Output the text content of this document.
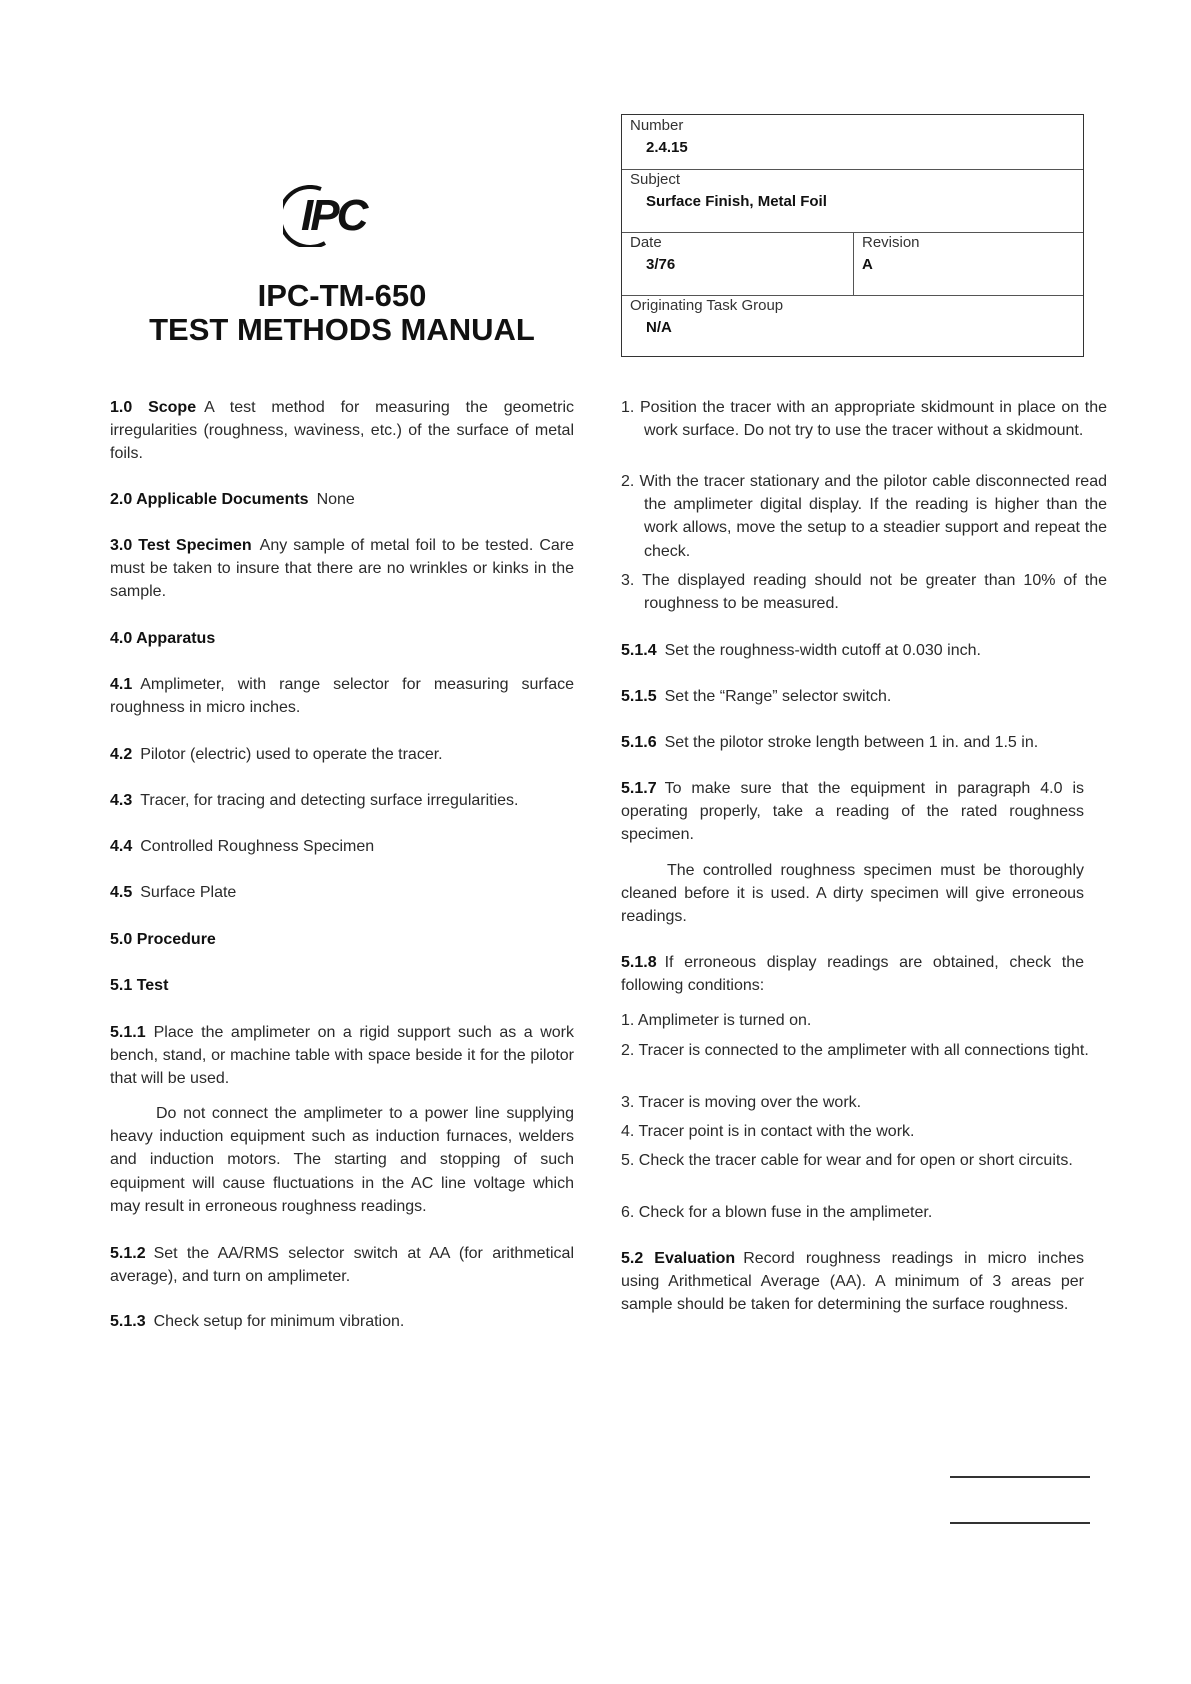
IPC
IPC-TM-650
TEST METHODS MANUAL
Number
2.4.15
Subject
Surface Finish, Metal Foil
Date
3/76
Revision
A
Originating Task Group
N/A
1.0 Scope A test method for measuring the geometric irregularities (roughness, waviness, etc.) of the surface of metal foils.
2.0 Applicable Documents None
3.0 Test Specimen Any sample of metal foil to be tested. Care must be taken to insure that there are no wrinkles or kinks in the sample.
4.0 Apparatus
4.1 Amplimeter, with range selector for measuring surface roughness in micro inches.
4.2 Pilotor (electric) used to operate the tracer.
4.3 Tracer, for tracing and detecting surface irregularities.
4.4 Controlled Roughness Specimen
4.5 Surface Plate
5.0 Procedure
5.1 Test
5.1.1 Place the amplimeter on a rigid support such as a work bench, stand, or machine table with space beside it for the pilotor that will be used.
Do not connect the amplimeter to a power line supplying heavy induction equipment such as induction furnaces, welders and induction motors. The starting and stopping of such equipment will cause fluctuations in the AC line voltage which may result in erroneous roughness readings.
5.1.2 Set the AA/RMS selector switch at AA (for arithmetical average), and turn on amplimeter.
5.1.3 Check setup for minimum vibration.
1. Position the tracer with an appropriate skidmount in place on the work surface. Do not try to use the tracer without a skidmount.
2. With the tracer stationary and the pilotor cable disconnected read the amplimeter digital display. If the reading is higher than the work allows, move the setup to a steadier support and repeat the check.
3. The displayed reading should not be greater than 10% of the roughness to be measured.
5.1.4 Set the roughness-width cutoff at 0.030 inch.
5.1.5 Set the “Range” selector switch.
5.1.6 Set the pilotor stroke length between 1 in. and 1.5 in.
5.1.7 To make sure that the equipment in paragraph 4.0 is operating properly, take a reading of the rated roughness specimen.
The controlled roughness specimen must be thoroughly cleaned before it is used. A dirty specimen will give erroneous readings.
5.1.8 If erroneous display readings are obtained, check the following conditions:
1. Amplimeter is turned on.
2. Tracer is connected to the amplimeter with all connections tight.
3. Tracer is moving over the work.
4. Tracer point is in contact with the work.
5. Check the tracer cable for wear and for open or short circuits.
6. Check for a blown fuse in the amplimeter.
5.2 Evaluation Record roughness readings in micro inches using Arithmetical Average (AA). A minimum of 3 areas per sample should be taken for determining the surface roughness.
